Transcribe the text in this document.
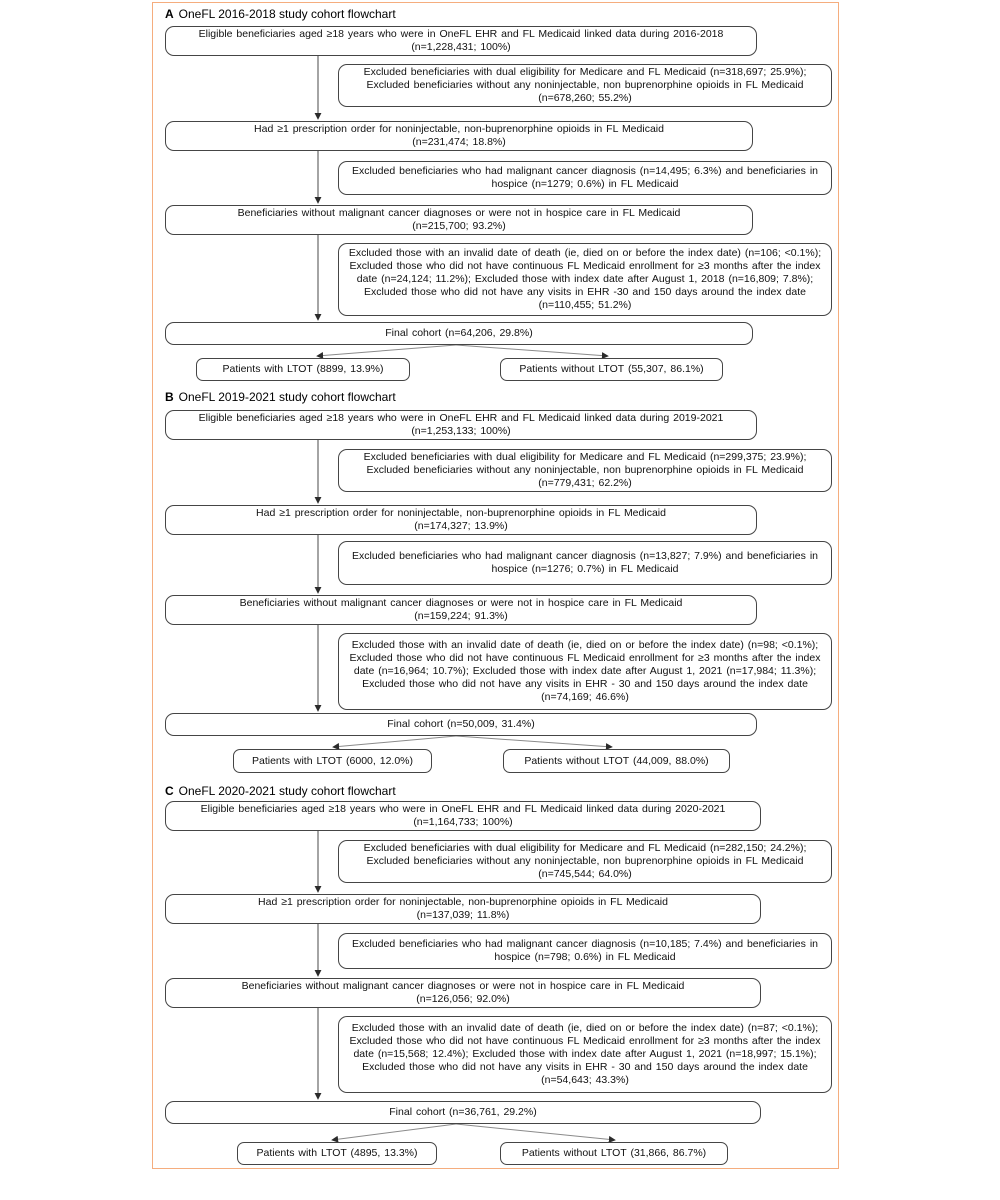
A OneFL 2016-2018 study cohort flowchart
Eligible beneficiaries aged ≥18 years who were in OneFL EHR and FL Medicaid linked data during 2016-2018
(n=1,228,431; 100%)
Excluded beneficiaries with dual eligibility for Medicare and FL Medicaid (n=318,697; 25.9%); Excluded beneficiaries without any noninjectable, non buprenorphine opioids in FL Medicaid (n=678,260; 55.2%)
Had ≥1 prescription order for noninjectable, non-buprenorphine opioids in FL Medicaid
(n=231,474; 18.8%)
Excluded beneficiaries who had malignant cancer diagnosis (n=14,495; 6.3%) and beneficiaries in hospice (n=1279; 0.6%) in FL Medicaid
Beneficiaries without malignant cancer diagnoses or were not in hospice care in FL Medicaid
(n=215,700; 93.2%)
Excluded those with an invalid date of death (ie, died on or before the index date) (n=106; <0.1%); Excluded those who did not have continuous FL Medicaid enrollment for ≥3 months after the index date (n=24,124; 11.2%); Excluded those with index date after August 1, 2018 (n=16,809; 7.8%); Excluded those who did not have any visits in EHR -30 and 150 days around the index date (n=110,455; 51.2%)
Final cohort (n=64,206, 29.8%)
Patients with LTOT (8899, 13.9%)	Patients without LTOT (55,307, 86.1%)
B OneFL 2019-2021 study cohort flowchart
Eligible beneficiaries aged ≥18 years who were in OneFL EHR and FL Medicaid linked data during 2019-2021
(n=1,253,133; 100%)
Excluded beneficiaries with dual eligibility for Medicare and FL Medicaid (n=299,375; 23.9%); Excluded beneficiaries without any noninjectable, non buprenorphine opioids in FL Medicaid (n=779,431; 62.2%)
Had ≥1 prescription order for noninjectable, non-buprenorphine opioids in FL Medicaid
(n=174,327; 13.9%)
Excluded beneficiaries who had malignant cancer diagnosis (n=13,827; 7.9%) and beneficiaries in hospice (n=1276; 0.7%) in FL Medicaid
Beneficiaries without malignant cancer diagnoses or were not in hospice care in FL Medicaid
(n=159,224; 91.3%)
Excluded those with an invalid date of death (ie, died on or before the index date) (n=98; <0.1%); Excluded those who did not have continuous FL Medicaid enrollment for ≥3 months after the index date (n=16,964; 10.7%); Excluded those with index date after August 1, 2021 (n=17,984; 11.3%); Excluded those who did not have any visits in EHR - 30 and 150 days around the index date (n=74,169; 46.6%)
Final cohort (n=50,009, 31.4%)
Patients with LTOT (6000, 12.0%)	Patients without LTOT (44,009, 88.0%)
C OneFL 2020-2021 study cohort flowchart
Eligible beneficiaries aged ≥18 years who were in OneFL EHR and FL Medicaid linked data during 2020-2021
(n=1,164,733; 100%)
Excluded beneficiaries with dual eligibility for Medicare and FL Medicaid (n=282,150; 24.2%); Excluded beneficiaries without any noninjectable, non buprenorphine opioids in FL Medicaid (n=745,544; 64.0%)
Had ≥1 prescription order for noninjectable, non-buprenorphine opioids in FL Medicaid
(n=137,039; 11.8%)
Excluded beneficiaries who had malignant cancer diagnosis (n=10,185; 7.4%) and beneficiaries in hospice (n=798; 0.6%) in FL Medicaid
Beneficiaries without malignant cancer diagnoses or were not in hospice care in FL Medicaid
(n=126,056; 92.0%)
Excluded those with an invalid date of death (ie, died on or before the index date) (n=87; <0.1%); Excluded those who did not have continuous FL Medicaid enrollment for ≥3 months after the index date (n=15,568; 12.4%); Excluded those with index date after August 1, 2021 (n=18,997; 15.1%); Excluded those who did not have any visits in EHR - 30 and 150 days around the index date (n=54,643; 43.3%)
Final cohort (n=36,761, 29.2%)
Patients with LTOT (4895, 13.3%)	Patients without LTOT (31,866, 86.7%)
